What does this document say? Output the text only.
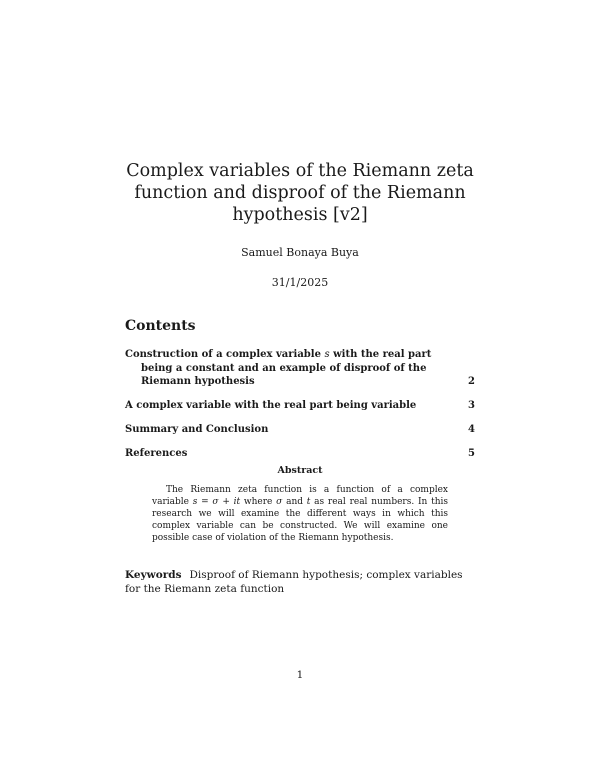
Complex variables of the Riemann zeta function and disproof of the Riemann hypothesis [v2]
Samuel Bonaya Buya
31/1/2025
Contents
Construction of a complex variable s with the real part being a constant and an example of disproof of the Riemann hypothesis	2
A complex variable with the real part being variable	3
Summary and Conclusion	4
References	5
Abstract

The Riemann zeta function is a function of a complex variable s = σ + it where σ and t as real real numbers. In this research we will examine the different ways in which this complex variable can be constructed. We will examine one possible case of violation of the Riemann hypothesis.

Keywords Disproof of Riemann hypothesis; complex variables for the Riemann zeta function

1
